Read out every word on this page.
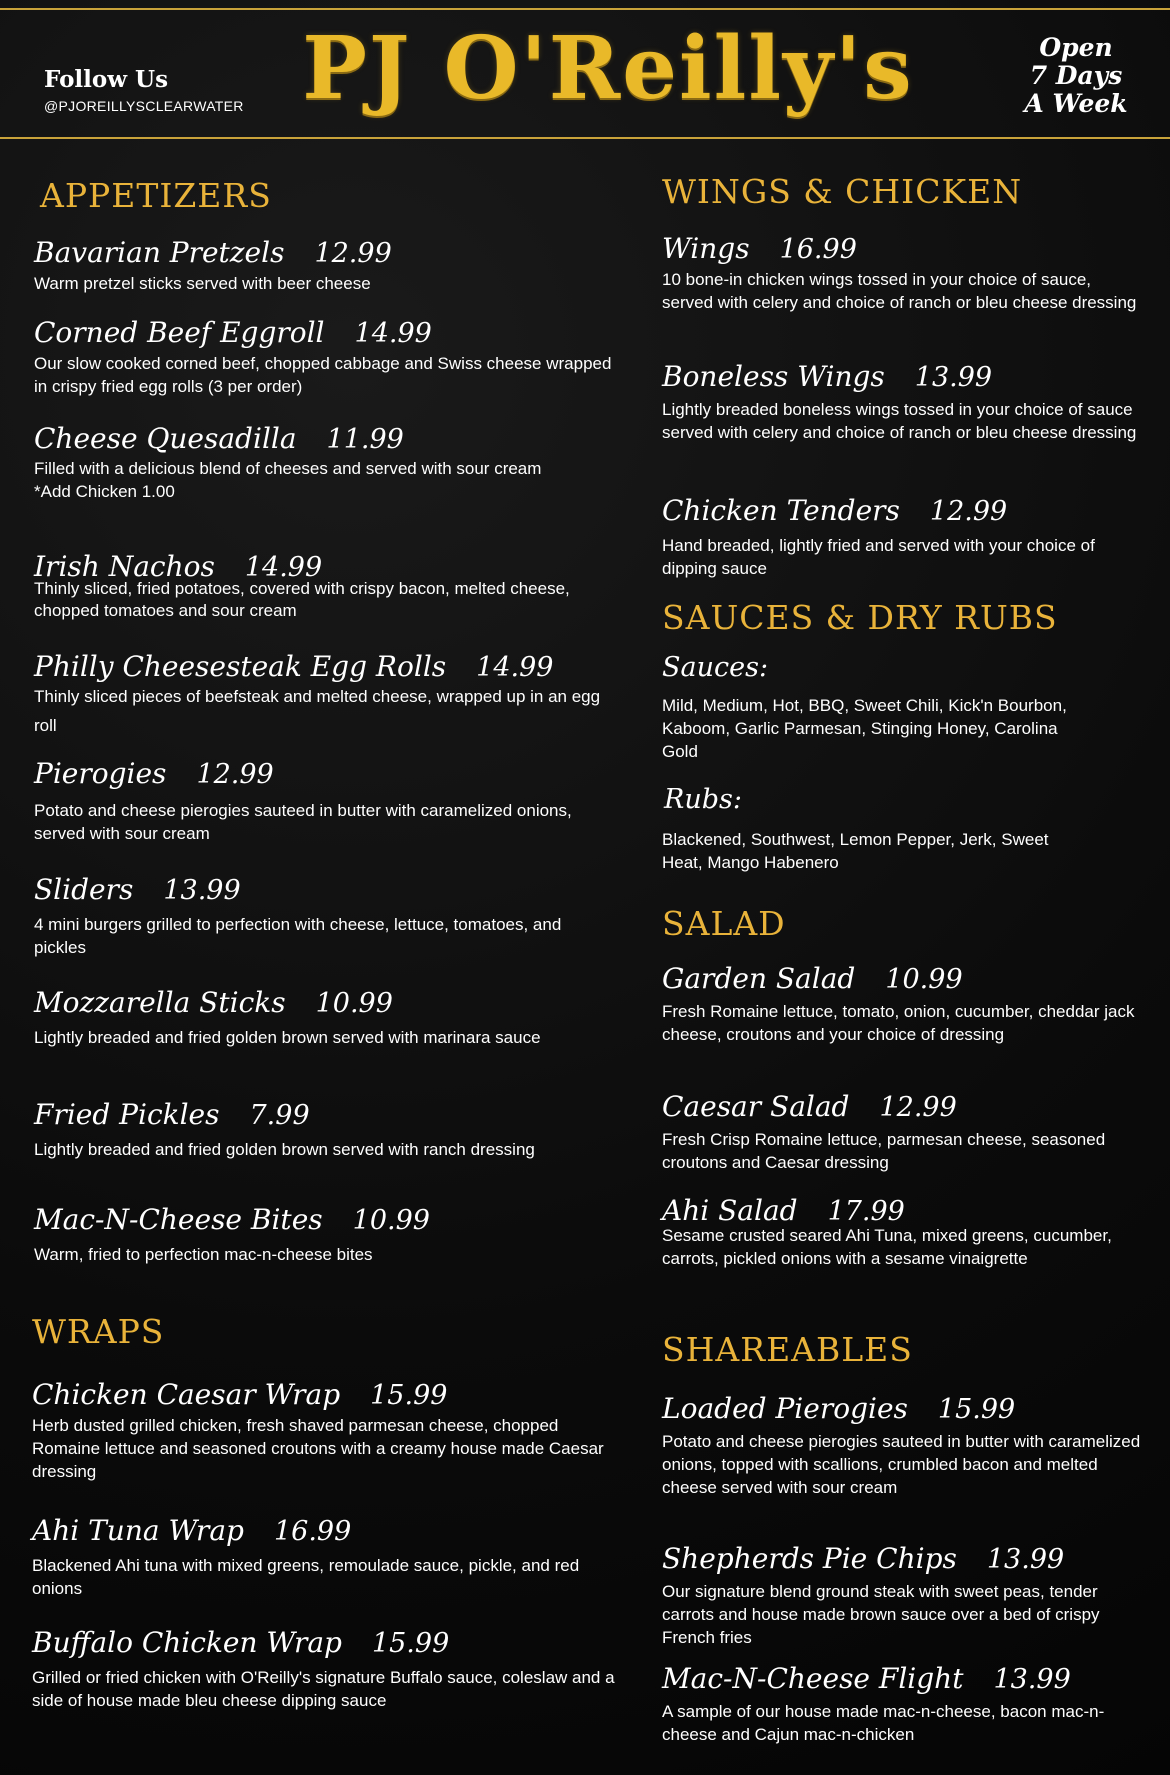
Follow Us
@PJOREILLYSCLEARWATER PJ O'Reilly's	Open
7 Days
A Week
APPETIZERS
Bavarian Pretzels 12.99
Warm pretzel sticks served with beer cheese
Corned Beef Eggroll 14.99
Our slow cooked corned beef, chopped cabbage and Swiss cheese wrapped in crispy fried egg rolls (3 per order)
Cheese Quesadilla 11.99
Filled with a delicious blend of cheeses and served with sour cream
*Add Chicken 1.00
Irish Nachos 14.99
Thinly sliced, fried potatoes, covered with crispy bacon, melted cheese, chopped tomatoes and sour cream
Philly Cheesesteak Egg Rolls 14.99
Thinly sliced pieces of beefsteak and melted cheese, wrapped up in an egg roll
Pierogies 12.99
Potato and cheese pierogies sauteed in butter with caramelized onions, served with sour cream
Sliders 13.99
4 mini burgers grilled to perfection with cheese, lettuce, tomatoes, and pickles
Mozzarella Sticks 10.99
Lightly breaded and fried golden brown served with marinara sauce
Fried Pickles 7.99
Lightly breaded and fried golden brown served with ranch dressing
Mac-N-Cheese Bites 10.99
Warm, fried to perfection mac-n-cheese bites
WRAPS
Chicken Caesar Wrap 15.99
Herb dusted grilled chicken, fresh shaved parmesan cheese, chopped Romaine lettuce and seasoned croutons with a creamy house made Caesar dressing
Ahi Tuna Wrap 16.99
Blackened Ahi tuna with mixed greens, remoulade sauce, pickle, and red onions
Buffalo Chicken Wrap 15.99
Grilled or fried chicken with O'Reilly's signature Buffalo sauce, coleslaw and a side of house made bleu cheese dipping sauce
WINGS & CHICKEN
Wings 16.99
10 bone-in chicken wings tossed in your choice of sauce, served with celery and choice of ranch or bleu cheese dressing
Boneless Wings 13.99
Lightly breaded boneless wings tossed in your choice of sauce served with celery and choice of ranch or bleu cheese dressing
Chicken Tenders 12.99
Hand breaded, lightly fried and served with your choice of dipping sauce
SAUCES & DRY RUBS
Sauces:
Mild, Medium, Hot, BBQ, Sweet Chili, Kick'n Bourbon, Kaboom, Garlic Parmesan, Stinging Honey, Carolina Gold
Rubs:
Blackened, Southwest, Lemon Pepper, Jerk, Sweet Heat, Mango Habenero
SALAD
Garden Salad 10.99
Fresh Romaine lettuce, tomato, onion, cucumber, cheddar jack cheese, croutons and your choice of dressing
Caesar Salad 12.99
Fresh Crisp Romaine lettuce, parmesan cheese, seasoned croutons and Caesar dressing
Ahi Salad 17.99
Sesame crusted seared Ahi Tuna, mixed greens, cucumber, carrots, pickled onions with a sesame vinaigrette
SHAREABLES
Loaded Pierogies 15.99
Potato and cheese pierogies sauteed in butter with caramelized onions, topped with scallions, crumbled bacon and melted cheese served with sour cream
Shepherds Pie Chips 13.99
Our signature blend ground steak with sweet peas, tender carrots and house made brown sauce over a bed of crispy French fries
Mac-N-Cheese Flight 13.99
A sample of our house made mac-n-cheese, bacon mac-n-cheese and Cajun mac-n-chicken
